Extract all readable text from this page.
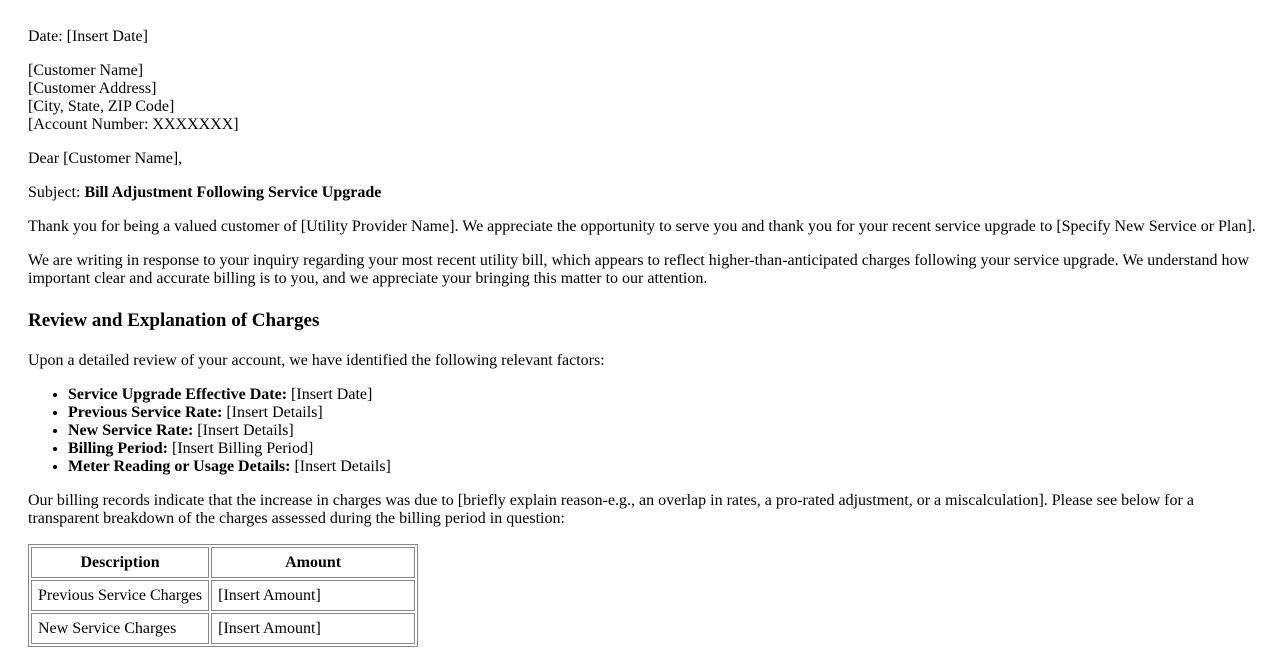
Date: [Insert Date]

[Customer Name]
[Customer Address]
[City, State, ZIP Code]
[Account Number: XXXXXXX]

Dear [Customer Name],

Subject: Bill Adjustment Following Service Upgrade

Thank you for being a valued customer of [Utility Provider Name]. We appreciate the opportunity to serve you and thank you for your recent service upgrade to [Specify New Service or Plan].

We are writing in response to your inquiry regarding your most recent utility bill, which appears to reflect higher-than-anticipated charges following your service upgrade. We understand how important clear and accurate billing is to you, and we appreciate your bringing this matter to our attention.

Review and Explanation of Charges

Upon a detailed review of your account, we have identified the following relevant factors:

• Service Upgrade Effective Date: [Insert Date]
• Previous Service Rate: [Insert Details]
• New Service Rate: [Insert Details]
• Billing Period: [Insert Billing Period]
• Meter Reading or Usage Details: [Insert Details]

Our billing records indicate that the increase in charges was due to [briefly explain reason-e.g., an overlap in rates, a pro-rated adjustment, or a miscalculation]. Please see below for a transparent breakdown of the charges assessed during the billing period in question:

Description	Amount
Previous Service Charges	[Insert Amount]
New Service Charges	[Insert Amount]
